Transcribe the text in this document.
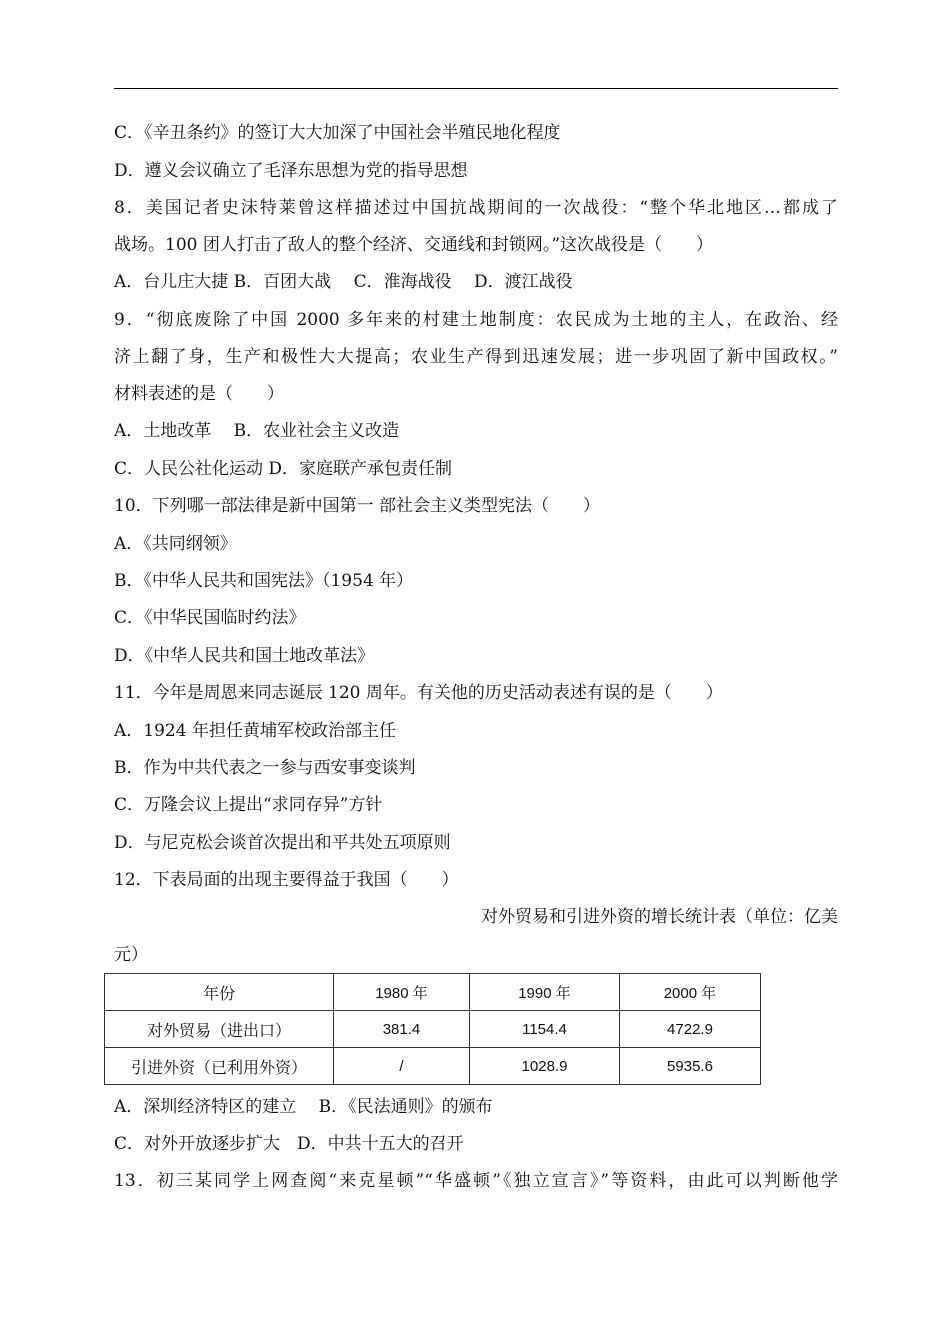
C．《辛丑条约》的签订大大加深了中国社会半殖民地化程度
D．遵义会议确立了毛泽东思想为党的指导思想
8．美国记者史沫特莱曾这样描述过中国抗战期间的一次战役：“整个华北地区…都成了
战场。100 团人打击了敌人的整个经济、交通线和封锁网。”这次战役是（　　）
A．台儿庄大捷 B．百团大战　 C．淮海战役　 D．渡江战役
9．“彻底废除了中国 2000 多年来的村建土地制度：农民成为土地的主人，在政治、经
济上翻了身，生产和极性大大提高；农业生产得到迅速发展；进一步巩固了新中国政权。”
材料表述的是（　　）
A．土地改革　 B．农业社会主义改造
C．人民公社化运动 D．家庭联产承包责任制
10．下列哪一部法律是新中国第一 部社会主义类型宪法（　　）
A．《共同纲领》
B．《中华人民共和国宪法》（1954 年）
C．《中华民国临时约法》
D．《中华人民共和国土地改革法》
11．今年是周恩来同志诞辰 120 周年。有关他的历史活动表述有误的是（　　）
A．1924 年担任黄埔军校政治部主任
B．作为中共代表之一参与西安事变谈判
C．万隆会议上提出“求同存异”方针
D．与尼克松会谈首次提出和平共处五项原则
12．下表局面的出现主要得益于我国（　　）
对外贸易和引进外资的增长统计表（单位：亿美
元）
年份	1980 年	1990 年	2000 年
对外贸易（进出口）	381.4	1154.4	4722.9
引进外资（已利用外资）	/	1028.9	5935.6
A．深圳经济特区的建立　 B．《民法通则》的颁布
C．对外开放逐步扩大　D．中共十五大的召开
13．初三某同学上网查阅“来克星顿”“华盛顿”《独立宣言》”等资料，由此可以判断他学
